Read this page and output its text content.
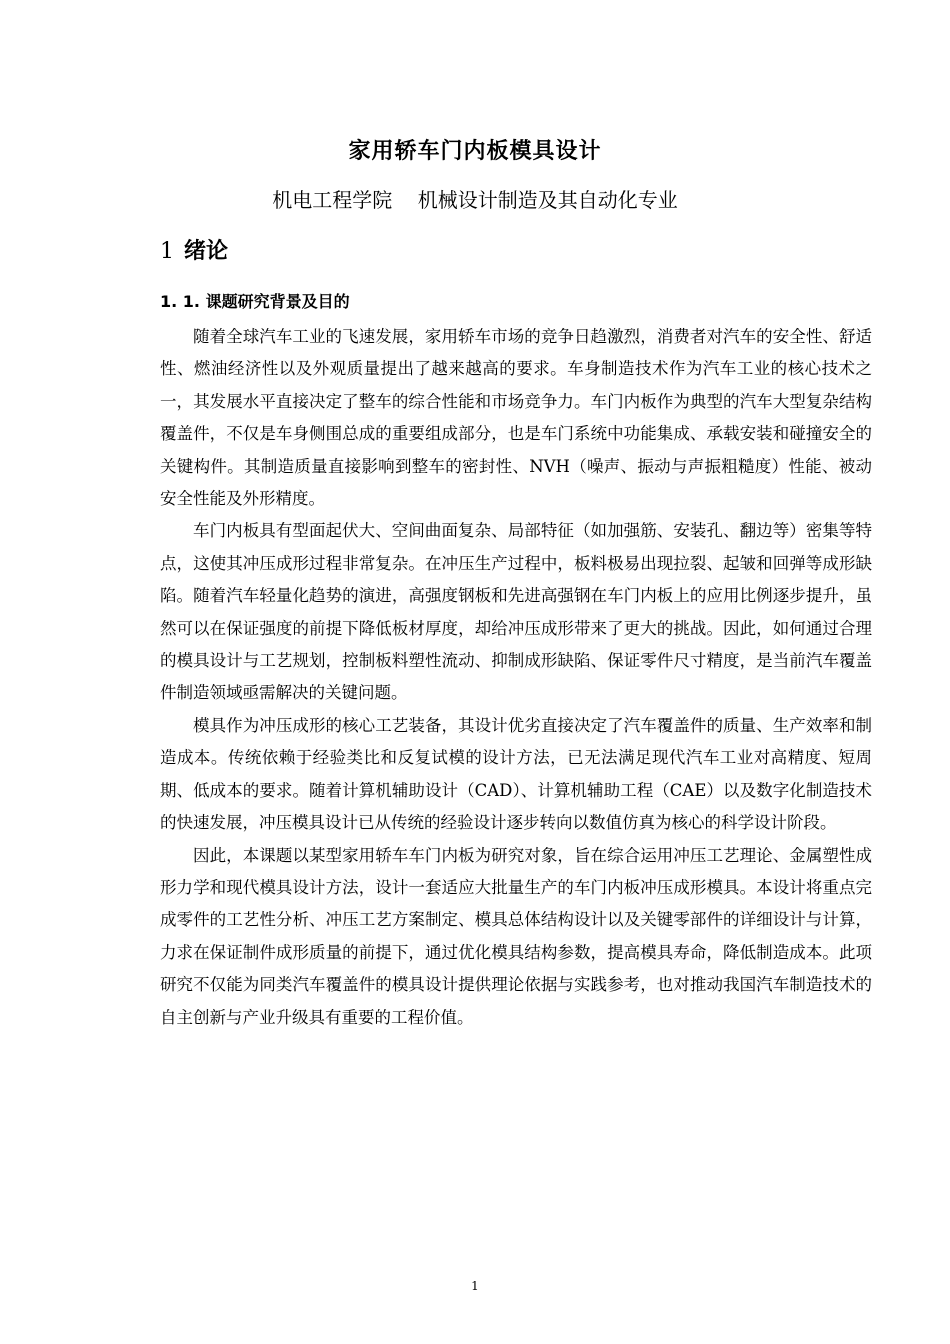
家用轿车门内板模具设计
机电工程学院    机械设计制造及其自动化专业
1 绪论
1. 1. 课题研究背景及目的

随着全球汽车工业的飞速发展，家用轿车市场的竞争日趋激烈，消费者对汽车的安全性、舒适性、燃油经济性以及外观质量提出了越来越高的要求。车身制造技术作为汽车工业的核心技术之一，其发展水平直接决定了整车的综合性能和市场竞争力。车门内板作为典型的汽车大型复杂结构覆盖件，不仅是车身侧围总成的重要组成部分，也是车门系统中功能集成、承载安装和碰撞安全的关键构件。其制造质量直接影响到整车的密封性、NVH（噪声、振动与声振粗糙度）性能、被动安全性能及外形精度。

车门内板具有型面起伏大、空间曲面复杂、局部特征（如加强筋、安装孔、翻边等）密集等特点，这使其冲压成形过程非常复杂。在冲压生产过程中，板料极易出现拉裂、起皱和回弹等成形缺陷。随着汽车轻量化趋势的演进，高强度钢板和先进高强钢在车门内板上的应用比例逐步提升，虽然可以在保证强度的前提下降低板材厚度，却给冲压成形带来了更大的挑战。因此，如何通过合理的模具设计与工艺规划，控制板料塑性流动、抑制成形缺陷、保证零件尺寸精度，是当前汽车覆盖件制造领域亟需解决的关键问题。

模具作为冲压成形的核心工艺装备，其设计优劣直接决定了汽车覆盖件的质量、生产效率和制造成本。传统依赖于经验类比和反复试模的设计方法，已无法满足现代汽车工业对高精度、短周期、低成本的要求。随着计算机辅助设计（CAD）、计算机辅助工程（CAE）以及数字化制造技术的快速发展，冲压模具设计已从传统的经验设计逐步转向以数值仿真为核心的科学设计阶段。

因此，本课题以某型家用轿车车门内板为研究对象，旨在综合运用冲压工艺理论、金属塑性成形力学和现代模具设计方法，设计一套适应大批量生产的车门内板冲压成形模具。本设计将重点完成零件的工艺性分析、冲压工艺方案制定、模具总体结构设计以及关键零部件的详细设计与计算，力求在保证制件成形质量的前提下，通过优化模具结构参数，提高模具寿命，降低制造成本。此项研究不仅能为同类汽车覆盖件的模具设计提供理论依据与实践参考，也对推动我国汽车制造技术的自主创新与产业升级具有重要的工程价值。

1
